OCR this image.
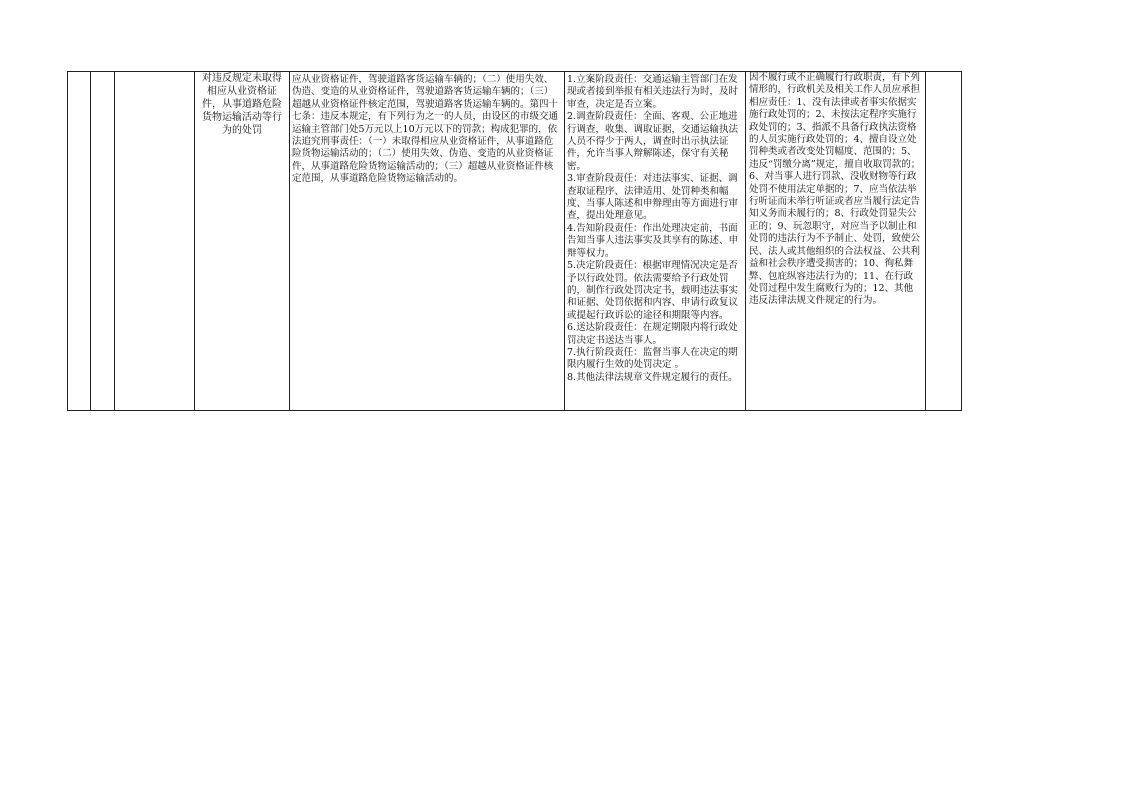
对违反规定未取得相应从业资格证件，从事道路危险货物运输活动等行为的处罚

应从业资格证件，驾驶道路客货运输车辆的；（二）使用失效、伪造、变造的从业资格证件，驾驶道路客货运输车辆的；（三）超越从业资格证件核定范围，驾驶道路客货运输车辆的。第四十七条：违反本规定，有下列行为之一的人员，由设区的市级交通运输主管部门处5万元以上10万元以下的罚款；构成犯罪的，依法追究刑事责任：（一）未取得相应从业资格证件，从事道路危险货物运输活动的；（二）使用失效、伪造、变造的从业资格证件，从事道路危险货物运输活动的；（三）超越从业资格证件核定范围，从事道路危险货物运输活动的。

1.立案阶段责任：交通运输主管部门在发现或者接到举报有相关违法行为时，及时审查，决定是否立案。
2.调查阶段责任：全面、客观、公正地进行调查，收集、调取证据，交通运输执法人员不得少于两人，调查时出示执法证件，允许当事人辩解陈述，保守有关秘密。
3.审查阶段责任：对违法事实、证据、调查取证程序、法律适用、处罚种类和幅度、当事人陈述和申辩理由等方面进行审查，提出处理意见。
4.告知阶段责任：作出处理决定前，书面告知当事人违法事实及其享有的陈述、申辩等权力。
5.决定阶段责任：根据审理情况决定是否予以行政处罚。依法需要给予行政处罚的，制作行政处罚决定书，载明违法事实和证据、处罚依据和内容、申请行政复议或提起行政诉讼的途径和期限等内容。
6.送达阶段责任：在规定期限内将行政处罚决定书送达当事人。
7.执行阶段责任：监督当事人在决定的期限内履行生效的处罚决定 。
8.其他法律法规章文件规定履行的责任。

因不履行或不正确履行行政职责，有下列情形的，行政机关及相关工作人员应承担相应责任：1、没有法律或者事实依据实施行政处罚的；2、未按法定程序实施行政处罚的；3、指派不具备行政执法资格的人员实施行政处罚的；4、擅自设立处罚种类或者改变处罚幅度、范围的；5、违反“罚缴分离”规定，擅自收取罚款的；6、对当事人进行罚款、没收财物等行政处罚不使用法定单据的；7、应当依法举行听证而未举行听证或者应当履行法定告知义务而未履行的；8、行政处罚显失公正的；9、玩忽职守，对应当予以制止和处罚的违法行为不予制止、处罚，致使公民、法人或其他组织的合法权益、公共利益和社会秩序遭受损害的；10、徇私舞弊、包庇纵容违法行为的；11、在行政处罚过程中发生腐败行为的；12、其他违反法律法规文件规定的行为。
